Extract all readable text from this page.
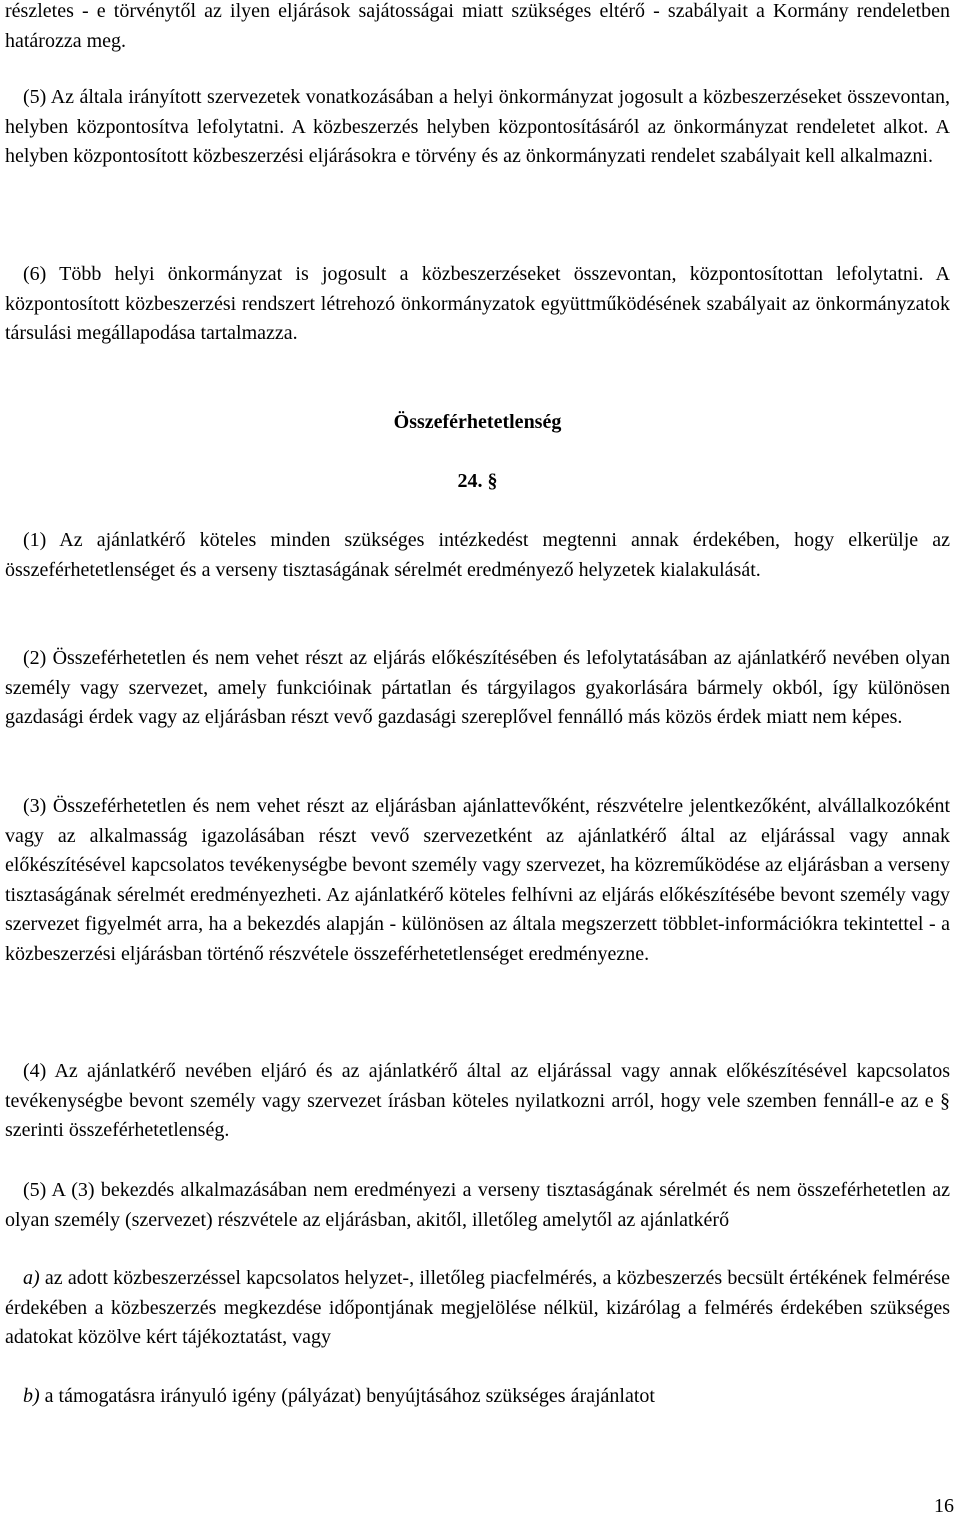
részletes - e törvénytől az ilyen eljárások sajátosságai miatt szükséges eltérő - szabályait a Kormány rendeletben határozza meg.

(5) Az általa irányított szervezetek vonatkozásában a helyi önkormányzat jogosult a közbeszerzéseket összevontan, helyben központosítva lefolytatni. A közbeszerzés helyben központosításáról az önkormányzat rendeletet alkot. A helyben központosított közbeszerzési eljárásokra e törvény és az önkormányzati rendelet szabályait kell alkalmazni.

(6) Több helyi önkormányzat is jogosult a közbeszerzéseket összevontan, központosítottan lefolytatni. A központosított közbeszerzési rendszert létrehozó önkormányzatok együttműködésének szabályait az önkormányzatok társulási megállapodása tartalmazza.

Összeférhetetlenség

24. §

(1) Az ajánlatkérő köteles minden szükséges intézkedést megtenni annak érdekében, hogy elkerülje az összeférhetetlenséget és a verseny tisztaságának sérelmét eredményező helyzetek kialakulását.

(2) Összeférhetetlen és nem vehet részt az eljárás előkészítésében és lefolytatásában az ajánlatkérő nevében olyan személy vagy szervezet, amely funkcióinak pártatlan és tárgyilagos gyakorlására bármely okból, így különösen gazdasági érdek vagy az eljárásban részt vevő gazdasági szereplővel fennálló más közös érdek miatt nem képes.

(3) Összeférhetetlen és nem vehet részt az eljárásban ajánlattevőként, részvételre jelentkezőként, alvállalkozóként vagy az alkalmasság igazolásában részt vevő szervezetként az ajánlatkérő által az eljárással vagy annak előkészítésével kapcsolatos tevékenységbe bevont személy vagy szervezet, ha közreműködése az eljárásban a verseny tisztaságának sérelmét eredményezheti. Az ajánlatkérő köteles felhívni az eljárás előkészítésébe bevont személy vagy szervezet figyelmét arra, ha a bekezdés alapján - különösen az általa megszerzett többlet-információkra tekintettel - a közbeszerzési eljárásban történő részvétele összeférhetetlenséget eredményezne.

(4) Az ajánlatkérő nevében eljáró és az ajánlatkérő által az eljárással vagy annak előkészítésével kapcsolatos tevékenységbe bevont személy vagy szervezet írásban köteles nyilatkozni arról, hogy vele szemben fennáll-e az e § szerinti összeférhetetlenség.

(5) A (3) bekezdés alkalmazásában nem eredményezi a verseny tisztaságának sérelmét és nem összeférhetetlen az olyan személy (szervezet) részvétele az eljárásban, akitől, illetőleg amelytől az ajánlatkérő

a) az adott közbeszerzéssel kapcsolatos helyzet-, illetőleg piacfelmérés, a közbeszerzés becsült értékének felmérése érdekében a közbeszerzés megkezdése időpontjának megjelölése nélkül, kizárólag a felmérés érdekében szükséges adatokat közölve kért tájékoztatást, vagy

b) a támogatásra irányuló igény (pályázat) benyújtásához szükséges árajánlatot

16
